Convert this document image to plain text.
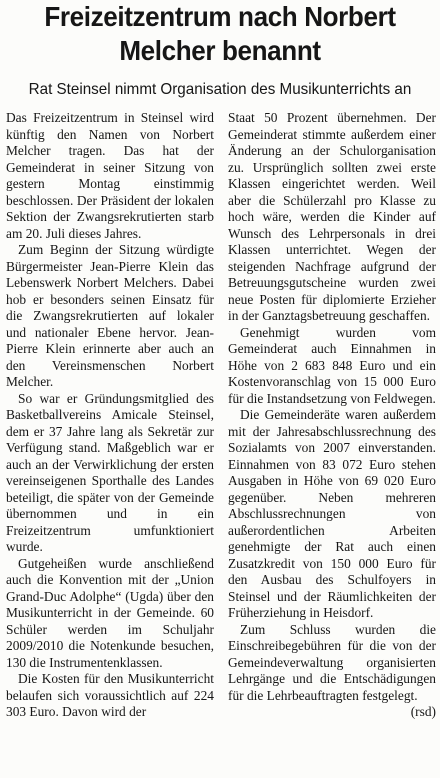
Freizeitzentrum nach Norbert Melcher benannt

Rat Steinsel nimmt Organisation des Musikunterrichts an

Das Freizeitzentrum in Steinsel wird künftig den Namen von Norbert Melcher tragen. Das hat der Gemeinderat in seiner Sitzung von gestern Montag einstimmig beschlossen. Der Präsident der lokalen Sektion der Zwangsrekrutierten starb am 20. Juli dieses Jahres.

Zum Beginn der Sitzung würdigte Bürgermeister Jean-Pierre Klein das Lebenswerk Norbert Melchers. Dabei hob er besonders seinen Einsatz für die Zwangsrekrutierten auf lokaler und nationaler Ebene hervor. Jean-Pierre Klein erinnerte aber auch an den Vereinsmenschen Norbert Melcher.

So war er Gründungsmitglied des Basketballvereins Amicale Steinsel, dem er 37 Jahre lang als Sekretär zur Verfügung stand. Maßgeblich war er auch an der Verwirklichung der ersten vereinseigenen Sporthalle des Landes beteiligt, die später von der Gemeinde übernommen und in ein Freizeitzentrum umfunktioniert wurde.

Gutgeheißen wurde anschließend auch die Konvention mit der „Union Grand-Duc Adolphe“ (Ugda) über den Musikunterricht in der Gemeinde. 60 Schüler werden im Schuljahr 2009/2010 die Notenkunde besuchen, 130 die Instrumentenklassen.

Die Kosten für den Musikunterricht belaufen sich voraussichtlich auf 224 303 Euro. Davon wird der

Staat 50 Prozent übernehmen. Der Gemeinderat stimmte außerdem einer Änderung an der Schulorganisation zu. Ursprünglich sollten zwei erste Klassen eingerichtet werden. Weil aber die Schülerzahl pro Klasse zu hoch wäre, werden die Kinder auf Wunsch des Lehrpersonals in drei Klassen unterrichtet. Wegen der steigenden Nachfrage aufgrund der Betreuungsgutscheine wurden zwei neue Posten für diplomierte Erzieher in der Ganztagsbetreuung geschaffen.

Genehmigt wurden vom Gemeinderat auch Einnahmen in Höhe von 2 683 848 Euro und ein Kostenvoranschlag von 15 000 Euro für die Instandsetzung von Feldwegen.

Die Gemeinderäte waren außerdem mit der Jahresabschlussrechnung des Sozialamts von 2007 einverstanden. Einnahmen von 83 072 Euro stehen Ausgaben in Höhe von 69 020 Euro gegenüber. Neben mehreren Abschlussrechnungen von außerordentlichen Arbeiten genehmigte der Rat auch einen Zusatzkredit von 150 000 Euro für den Ausbau des Schulfoyers in Steinsel und der Räumlichkeiten der Früherziehung in Heisdorf.

Zum Schluss wurden die Einschreibegebühren für die von der Gemeindeverwaltung organisierten Lehrgänge und die Entschädigungen für die Lehrbeauftragten festgelegt.

(rsd)
